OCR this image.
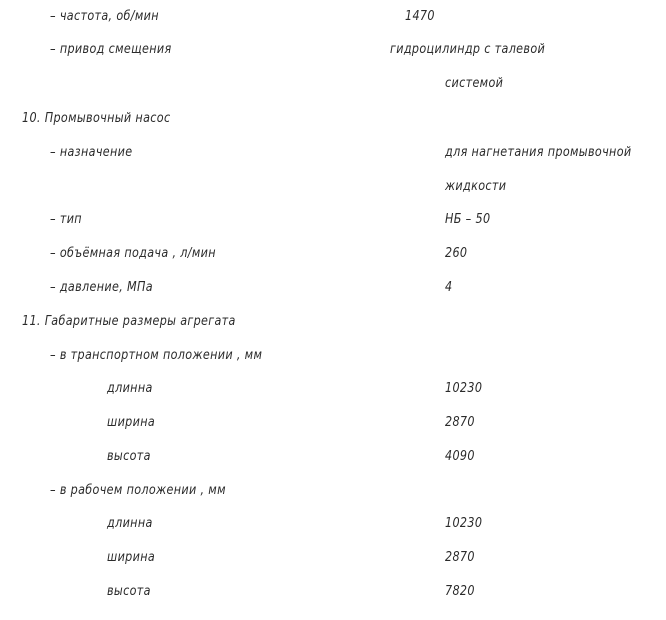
– частота, об/мин	1470
– привод смещения	гидроцилиндр с талевой
системой
10. Промывочный насос
– назначение	для нагнетания промывочной
жидкости
– тип	НБ – 50
– объёмная подача , л/мин	260
– давление, МПа	4
11. Габаритные размеры агрегата
– в транспортном положении , мм
длинна	10230
ширина	2870
высота	4090
– в рабочем положении , мм
длинна	10230
ширина	2870
высота	7820
